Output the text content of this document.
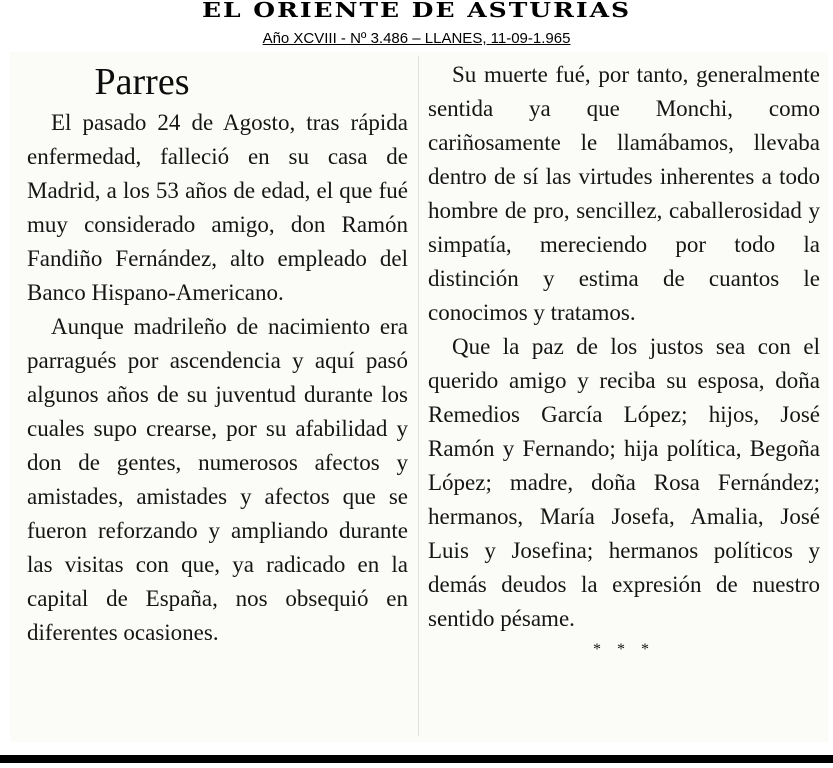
EL ORIENTE DE ASTURIAS
Año XCVIII - Nº 3.486 – LLANES, 11-09-1.965
Parres

El pasado 24 de Agosto, tras rápida enfermedad, falleció en su casa de Madrid, a los 53 años de edad, el que fué muy considerado amigo, don Ramón Fandiño Fernández, alto empleado del Banco Hispano-Americano.

Aunque madrileño de nacimiento era parragués por ascendencia y aquí pasó algunos años de su juventud durante los cuales supo crearse, por su afabilidad y don de gentes, numerosos afectos y amistades, amistades y afectos que se fueron reforzando y ampliando durante las visitas con que, ya radicado en la capital de España, nos obsequió en diferentes ocasiones.

Su muerte fué, por tanto, generalmente sentida ya que Monchi, como cariñosamente le llamábamos, llevaba dentro de sí las virtudes inherentes a todo hombre de pro, sencillez, caballerosidad y simpatía, mereciendo por todo la distinción y estima de cuantos le conocimos y tratamos.

Que la paz de los justos sea con el querido amigo y reciba su esposa, doña Remedios García López; hijos, José Ramón y Fernando; hija política, Begoña López; madre, doña Rosa Fernández; hermanos, María Josefa, Amalia, José Luis y Josefina; hermanos políticos y demás deudos la expresión de nuestro sentido pésame.

* * *
